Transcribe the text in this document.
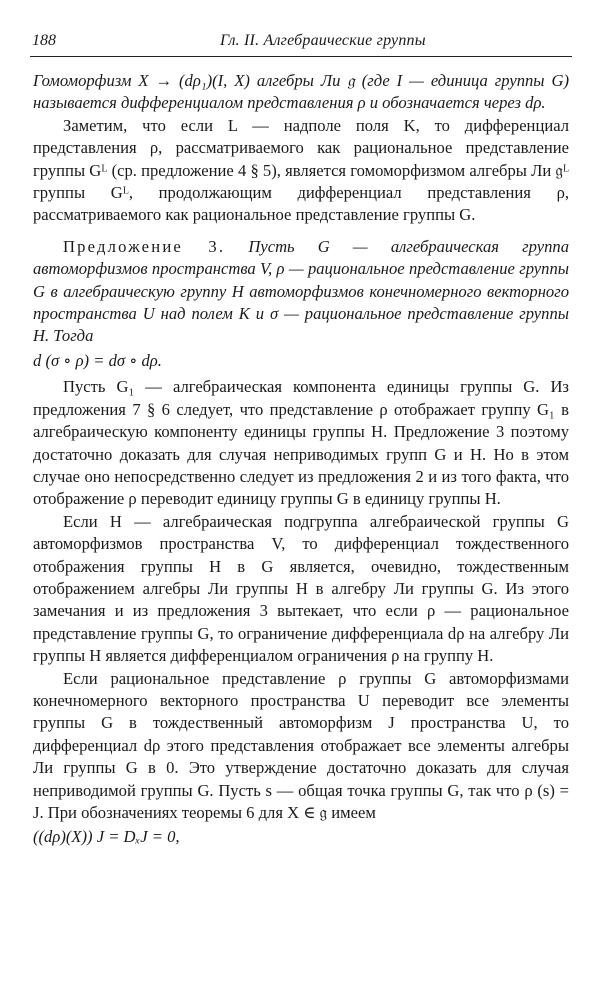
188	Гл. II. Алгебраические группы

Гомоморфизм X → (dρ₁)(I, X) алгебры Ли 𝔤 (где I — единица группы G) называется дифференциалом представления ρ и обозначается через dρ.

Заметим, что если L — надполе поля K, то дифференциал представления ρ, рассматриваемого как рациональное представление группы Gᴸ (ср. предложение 4 § 5), является гомоморфизмом алгебры Ли 𝔤ᴸ группы Gᴸ, продолжающим дифференциал представления ρ, рассматриваемого как рациональное представление группы G.

Предложение 3. Пусть G — алгебраическая группа автоморфизмов пространства V, ρ — рациональное представление группы G в алгебраическую группу H автоморфизмов конечномерного векторного пространства U над полем K и σ — рациональное представление группы H. Тогда

d (σ ∘ ρ) = dσ ∘ dρ.

Пусть G₁ — алгебраическая компонента единицы группы G. Из предложения 7 § 6 следует, что представление ρ отображает группу G₁ в алгебраическую компоненту единицы группы H. Предложение 3 поэтому достаточно доказать для случая неприводимых групп G и H. Но в этом случае оно непосредственно следует из предложения 2 и из того факта, что отображение ρ переводит единицу группы G в единицу группы H.

Если H — алгебраическая подгруппа алгебраической группы G автоморфизмов пространства V, то дифференциал тождественного отображения группы H в G является, очевидно, тождественным отображением алгебры Ли группы H в алгебру Ли группы G. Из этого замечания и из предложения 3 вытекает, что если ρ — рациональное представление группы G, то ограничение дифференциала dρ на алгебру Ли группы H является дифференциалом ограничения ρ на группу H.

Если рациональное представление ρ группы G автоморфизмами конечномерного векторного пространства U переводит все элементы группы G в тождественный автоморфизм J пространства U, то дифференциал dρ этого представления отображает все элементы алгебры Ли группы G в 0. Это утверждение достаточно доказать для случая неприводимой группы G. Пусть s — общая точка группы G, так что ρ (s) = J. При обозначениях теоремы 6 для X ∈ 𝔤 имеем

((dρ)(X)) J = DₓJ = 0,
